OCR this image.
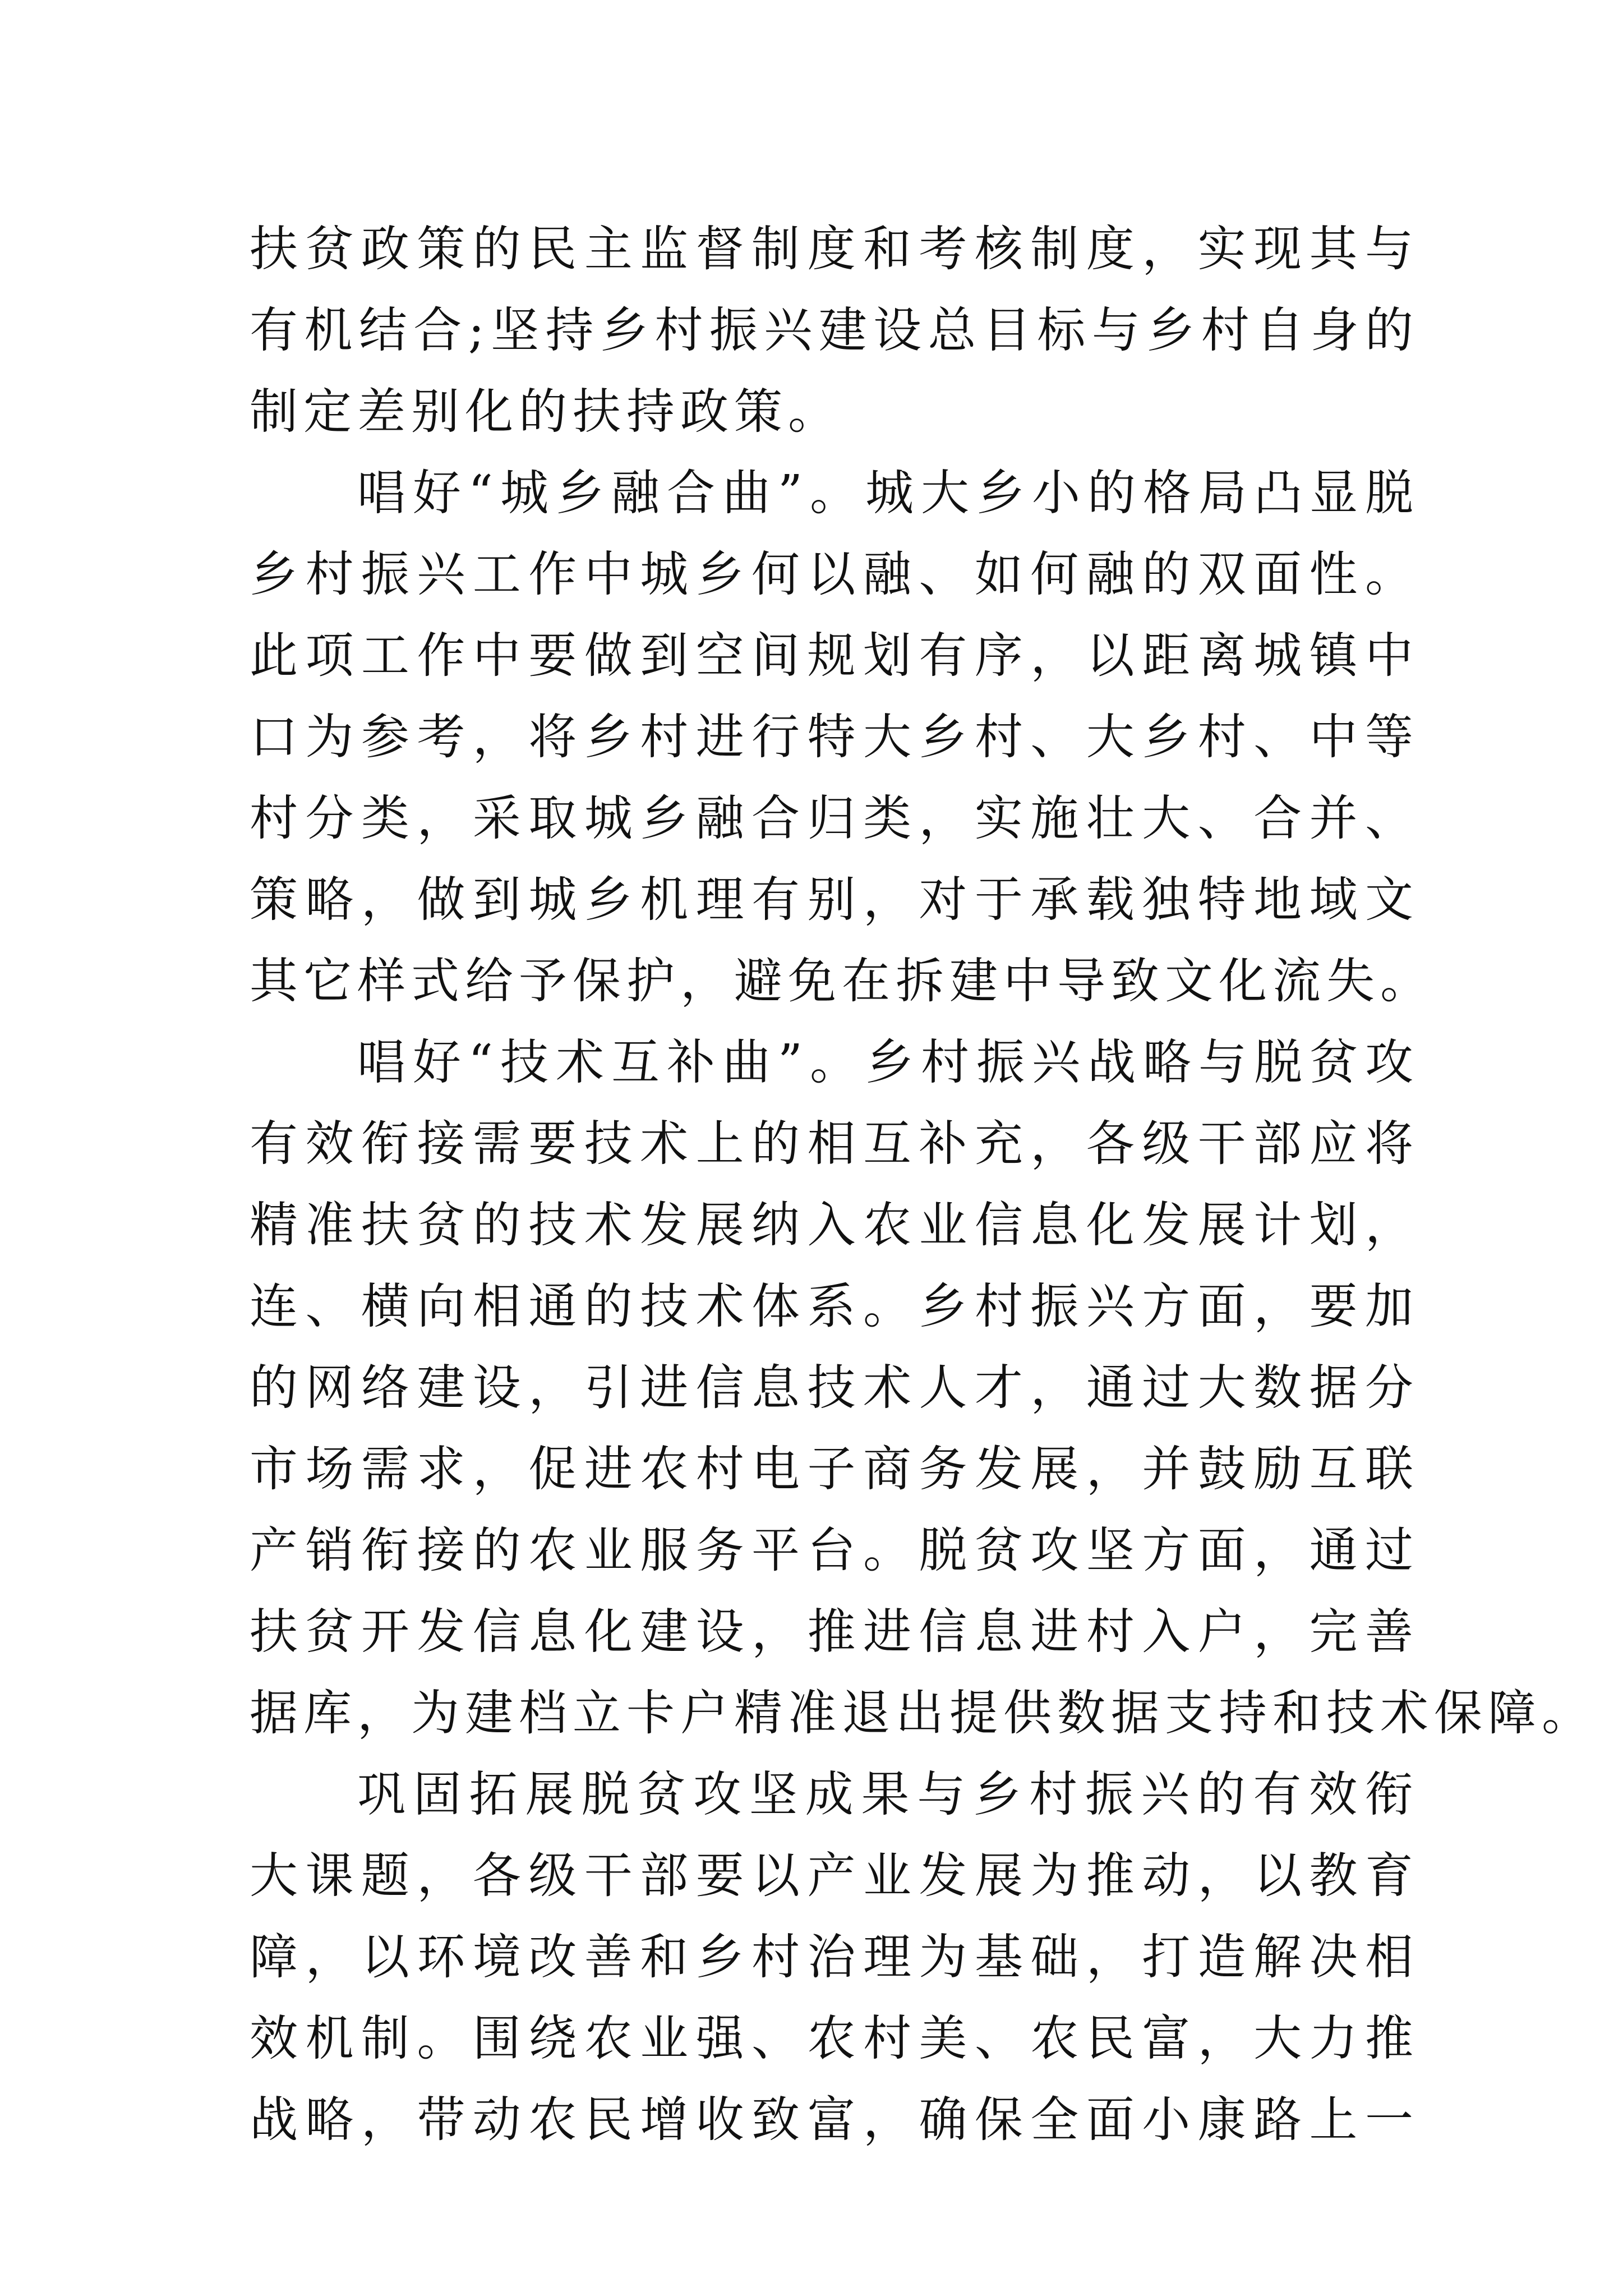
扶贫政策的民主监督制度和考核制度，实现其与
有机结合;坚持乡村振兴建设总目标与乡村自身的
制定差别化的扶持政策。
唱好“城乡融合曲”。城大乡小的格局凸显脱
乡村振兴工作中城乡何以融、如何融的双面性。
此项工作中要做到空间规划有序，以距离城镇中
口为参考，将乡村进行特大乡村、大乡村、中等
村分类，采取城乡融合归类，实施壮大、合并、
策略，做到城乡机理有别，对于承载独特地域文
其它样式给予保护，避免在拆建中导致文化流失。
唱好“技术互补曲”。乡村振兴战略与脱贫攻
有效衔接需要技术上的相互补充，各级干部应将
精准扶贫的技术发展纳入农业信息化发展计划，
连、横向相通的技术体系。乡村振兴方面，要加
的网络建设，引进信息技术人才，通过大数据分
市场需求，促进农村电子商务发展，并鼓励互联
产销衔接的农业服务平台。脱贫攻坚方面，通过
扶贫开发信息化建设，推进信息进村入户，完善
据库，为建档立卡户精准退出提供数据支持和技术保障。
巩固拓展脱贫攻坚成果与乡村振兴的有效衔
大课题，各级干部要以产业发展为推动，以教育
障，以环境改善和乡村治理为基础，打造解决相
效机制。围绕农业强、农村美、农民富，大力推
战略，带动农民增收致富，确保全面小康路上一
